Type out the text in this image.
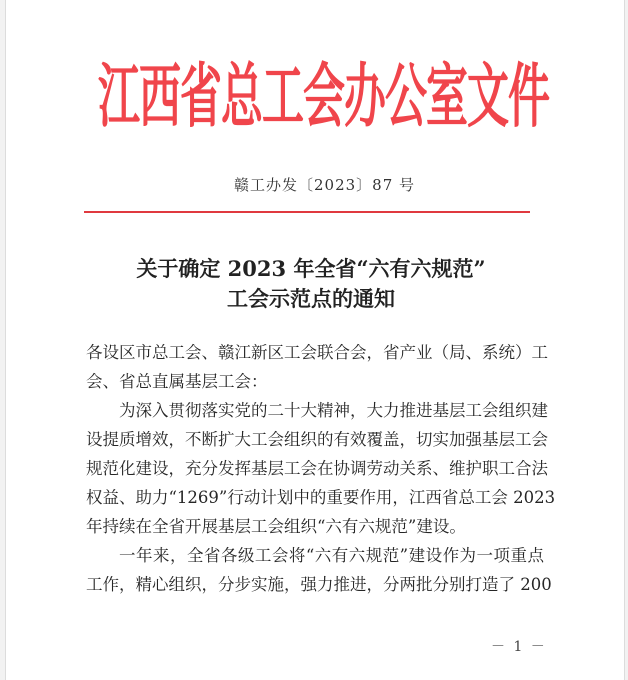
江
西
省
总
工
会
办
公
室
文
件
赣工办发〔2023〕87 号
关于确定 2023 年全省“六有六规范”
工会示范点的通知
各设区市总工会、赣江新区工会联合会，省产业（局、系统）工
会、省总直属基层工会：
为深入贯彻落实党的二十大精神，大力推进基层工会组织建
设提质增效，不断扩大工会组织的有效覆盖，切实加强基层工会
规范化建设，充分发挥基层工会在协调劳动关系、维护职工合法
权益、助力“1269”行动计划中的重要作用，江西省总工会 2023
年持续在全省开展基层工会组织“六有六规范”建设。
一年来，全省各级工会将“六有六规范”建设作为一项重点
工作，精心组织，分步实施，强力推进，分两批分别打造了 200
－ 1 －
